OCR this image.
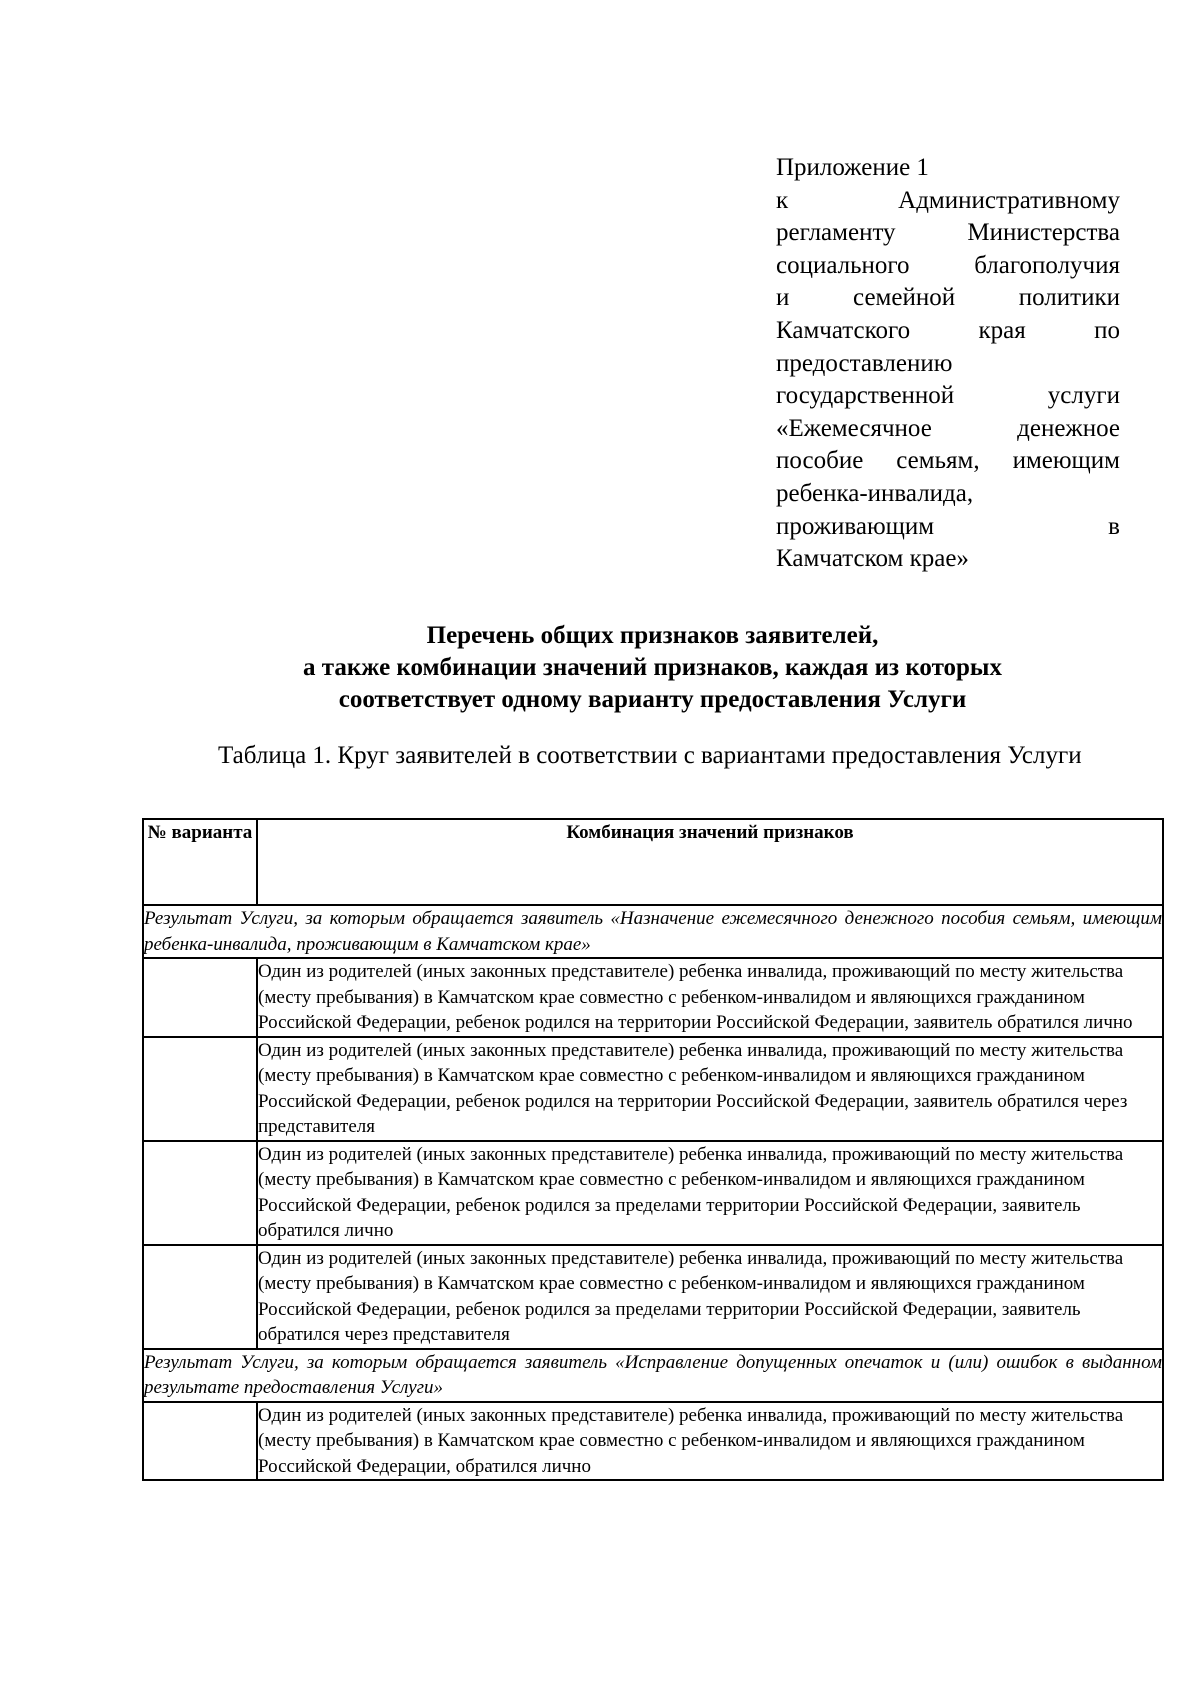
Приложение 1
к Административному
регламенту Министерства
социального благополучия
и семейной политики
Камчатского края по
предоставлению
государственной услуги
«Ежемесячное денежное
пособие семьям, имеющим
ребенка-инвалида,
проживающим в
Камчатском крае»
Перечень общих признаков заявителей,
а также комбинации значений признаков, каждая из которых
соответствует одному варианту предоставления Услуги
Таблица 1. Круг заявителей в соответствии с вариантами предоставления Услуги
№ варианта	Комбинация значений признаков
Результат Услуги, за которым обращается заявитель «Назначение ежемесячного денежного пособия семьям, имеющим ребенка-инвалида, проживающим в Камчатском крае»	
	Один из родителей (иных законных представителе) ребенка инвалида, проживающий по месту жительства (месту пребывания) в Камчатском крае совместно с ребенком-инвалидом и являющихся гражданином Российской Федерации, ребенок родился на территории Российской Федерации, заявитель обратился лично
	Один из родителей (иных законных представителе) ребенка инвалида, проживающий по месту жительства (месту пребывания) в Камчатском крае совместно с ребенком-инвалидом и являющихся гражданином Российской Федерации, ребенок родился на территории Российской Федерации, заявитель обратился через представителя
	Один из родителей (иных законных представителе) ребенка инвалида, проживающий по месту жительства (месту пребывания) в Камчатском крае совместно с ребенком-инвалидом и являющихся гражданином Российской Федерации, ребенок родился за пределами территории Российской Федерации, заявитель обратился лично
	Один из родителей (иных законных представителе) ребенка инвалида, проживающий по месту жительства (месту пребывания) в Камчатском крае совместно с ребенком-инвалидом и являющихся гражданином Российской Федерации, ребенок родился за пределами территории Российской Федерации, заявитель обратился через представителя
Результат Услуги, за которым обращается заявитель «Исправление допущенных опечаток и (или) ошибок в выданном результате предоставления Услуги»	
	Один из родителей (иных законных представителе) ребенка инвалида, проживающий по месту жительства (месту пребывания) в Камчатском крае совместно с ребенком-инвалидом и являющихся гражданином Российской Федерации, обратился лично
